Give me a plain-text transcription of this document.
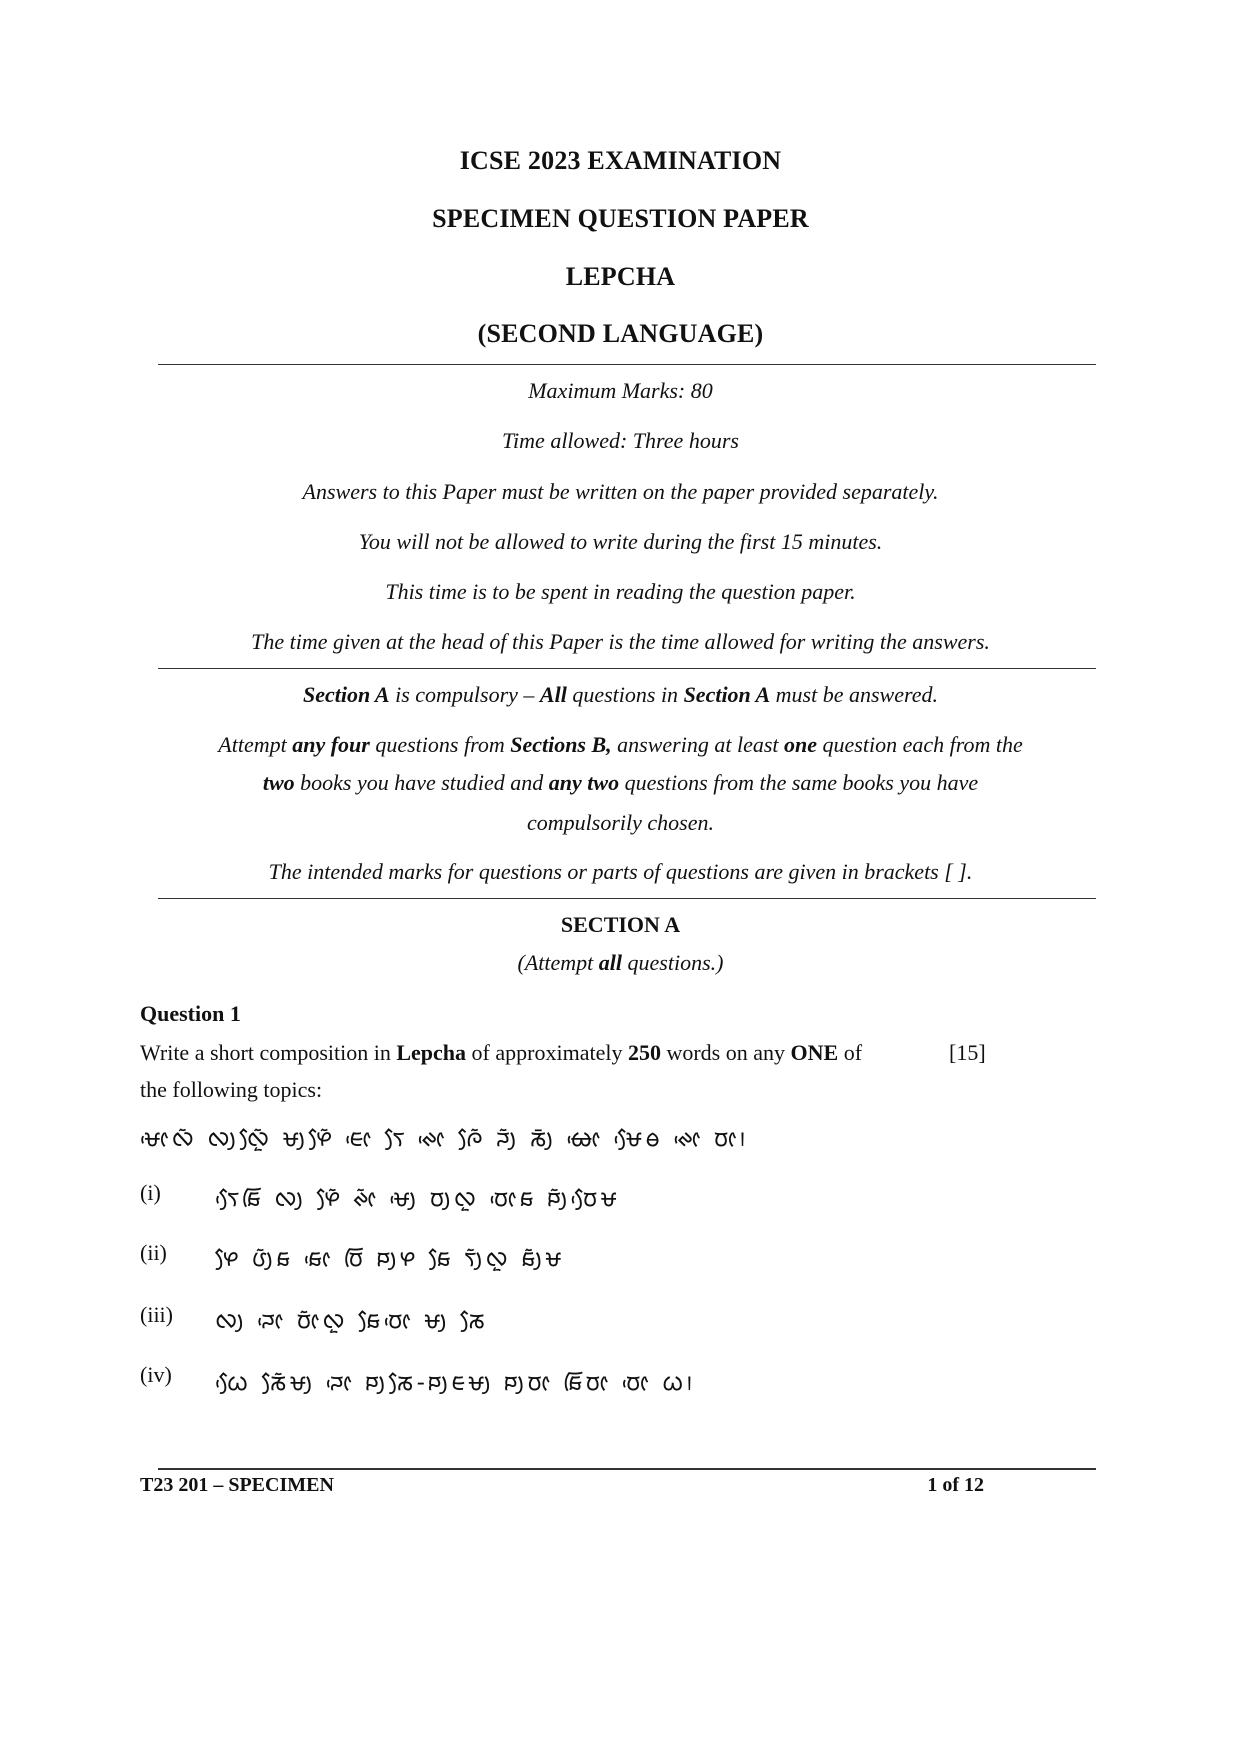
ICSE 2023 EXAMINATION
SPECIMEN QUESTION PAPER
LEPCHA
(SECOND LANGUAGE)
Maximum Marks: 80
Time allowed: Three hours
Answers to this Paper must be written on the paper provided separately.
You will not be allowed to write during the first 15 minutes.
This time is to be spent in reading the question paper.
The time given at the head of this Paper is the time allowed for writing the answers.
Section A is compulsory – All questions in Section A must be answered.
Attempt any four questions from Sections B, answering at least one question each from the
two books you have studied and any two questions from the same books you have
compulsorily chosen.
The intended marks for questions or parts of questions are given in brackets [ ].
SECTION A
(Attempt all questions.)
Question 1
Write a short composition in Lepcha of approximately 250 words on any ONE of	[15]
the following topics:
ᰝᰦᰵᰜᰶ ᰜᰪᰜᰧᰬᰶ ᰝᰪᰋᰧᰶ ᰀᰦᰵ ᰛᰧ ᰊᰦᰵ ᰍᰧᰶ ᰎᰪᰶ ᰕᰪᰳ ᰄᰦᰵ ᰝᰧᰵᰟ ᰊᰦᰵ ᰗᰦ᰻
(i) ᰛᰧᰵᰑᰩ ᰜᰪ ᰋᰧᰶ ᰊᰦᰶ ᰝᰪᰵ ᰗᰪᰜᰬ ᰗᰦᰵᰑ ᰐᰪᰶᰗᰧᰵᰝ
(ii) ᰋᰧ ᰂᰪᰶᰑ ᰑᰦᰵ ᰗᰩ ᰐᰪᰋ ᰑᰧ ᰛᰪᰶᰜᰬ ᰑᰪᰶᰝ
(iii) ᰜᰪ ᰎᰦᰵ ᰗᰦᰶᰜᰬ ᰑᰧᰗᰦᰵ ᰝᰪ ᰕᰧ
(iv) ᰃᰧᰵ ᰕᰧᰶᰝᰪ ᰎᰦᰵ ᰐᰪᰕᰧ-ᰐᰪᰀᰝᰪ ᰐᰪᰗᰦ ᰑᰩᰗᰦ ᰗᰦᰵ ᰃ᰻
T23 201 – SPECIMEN	1 of 12
